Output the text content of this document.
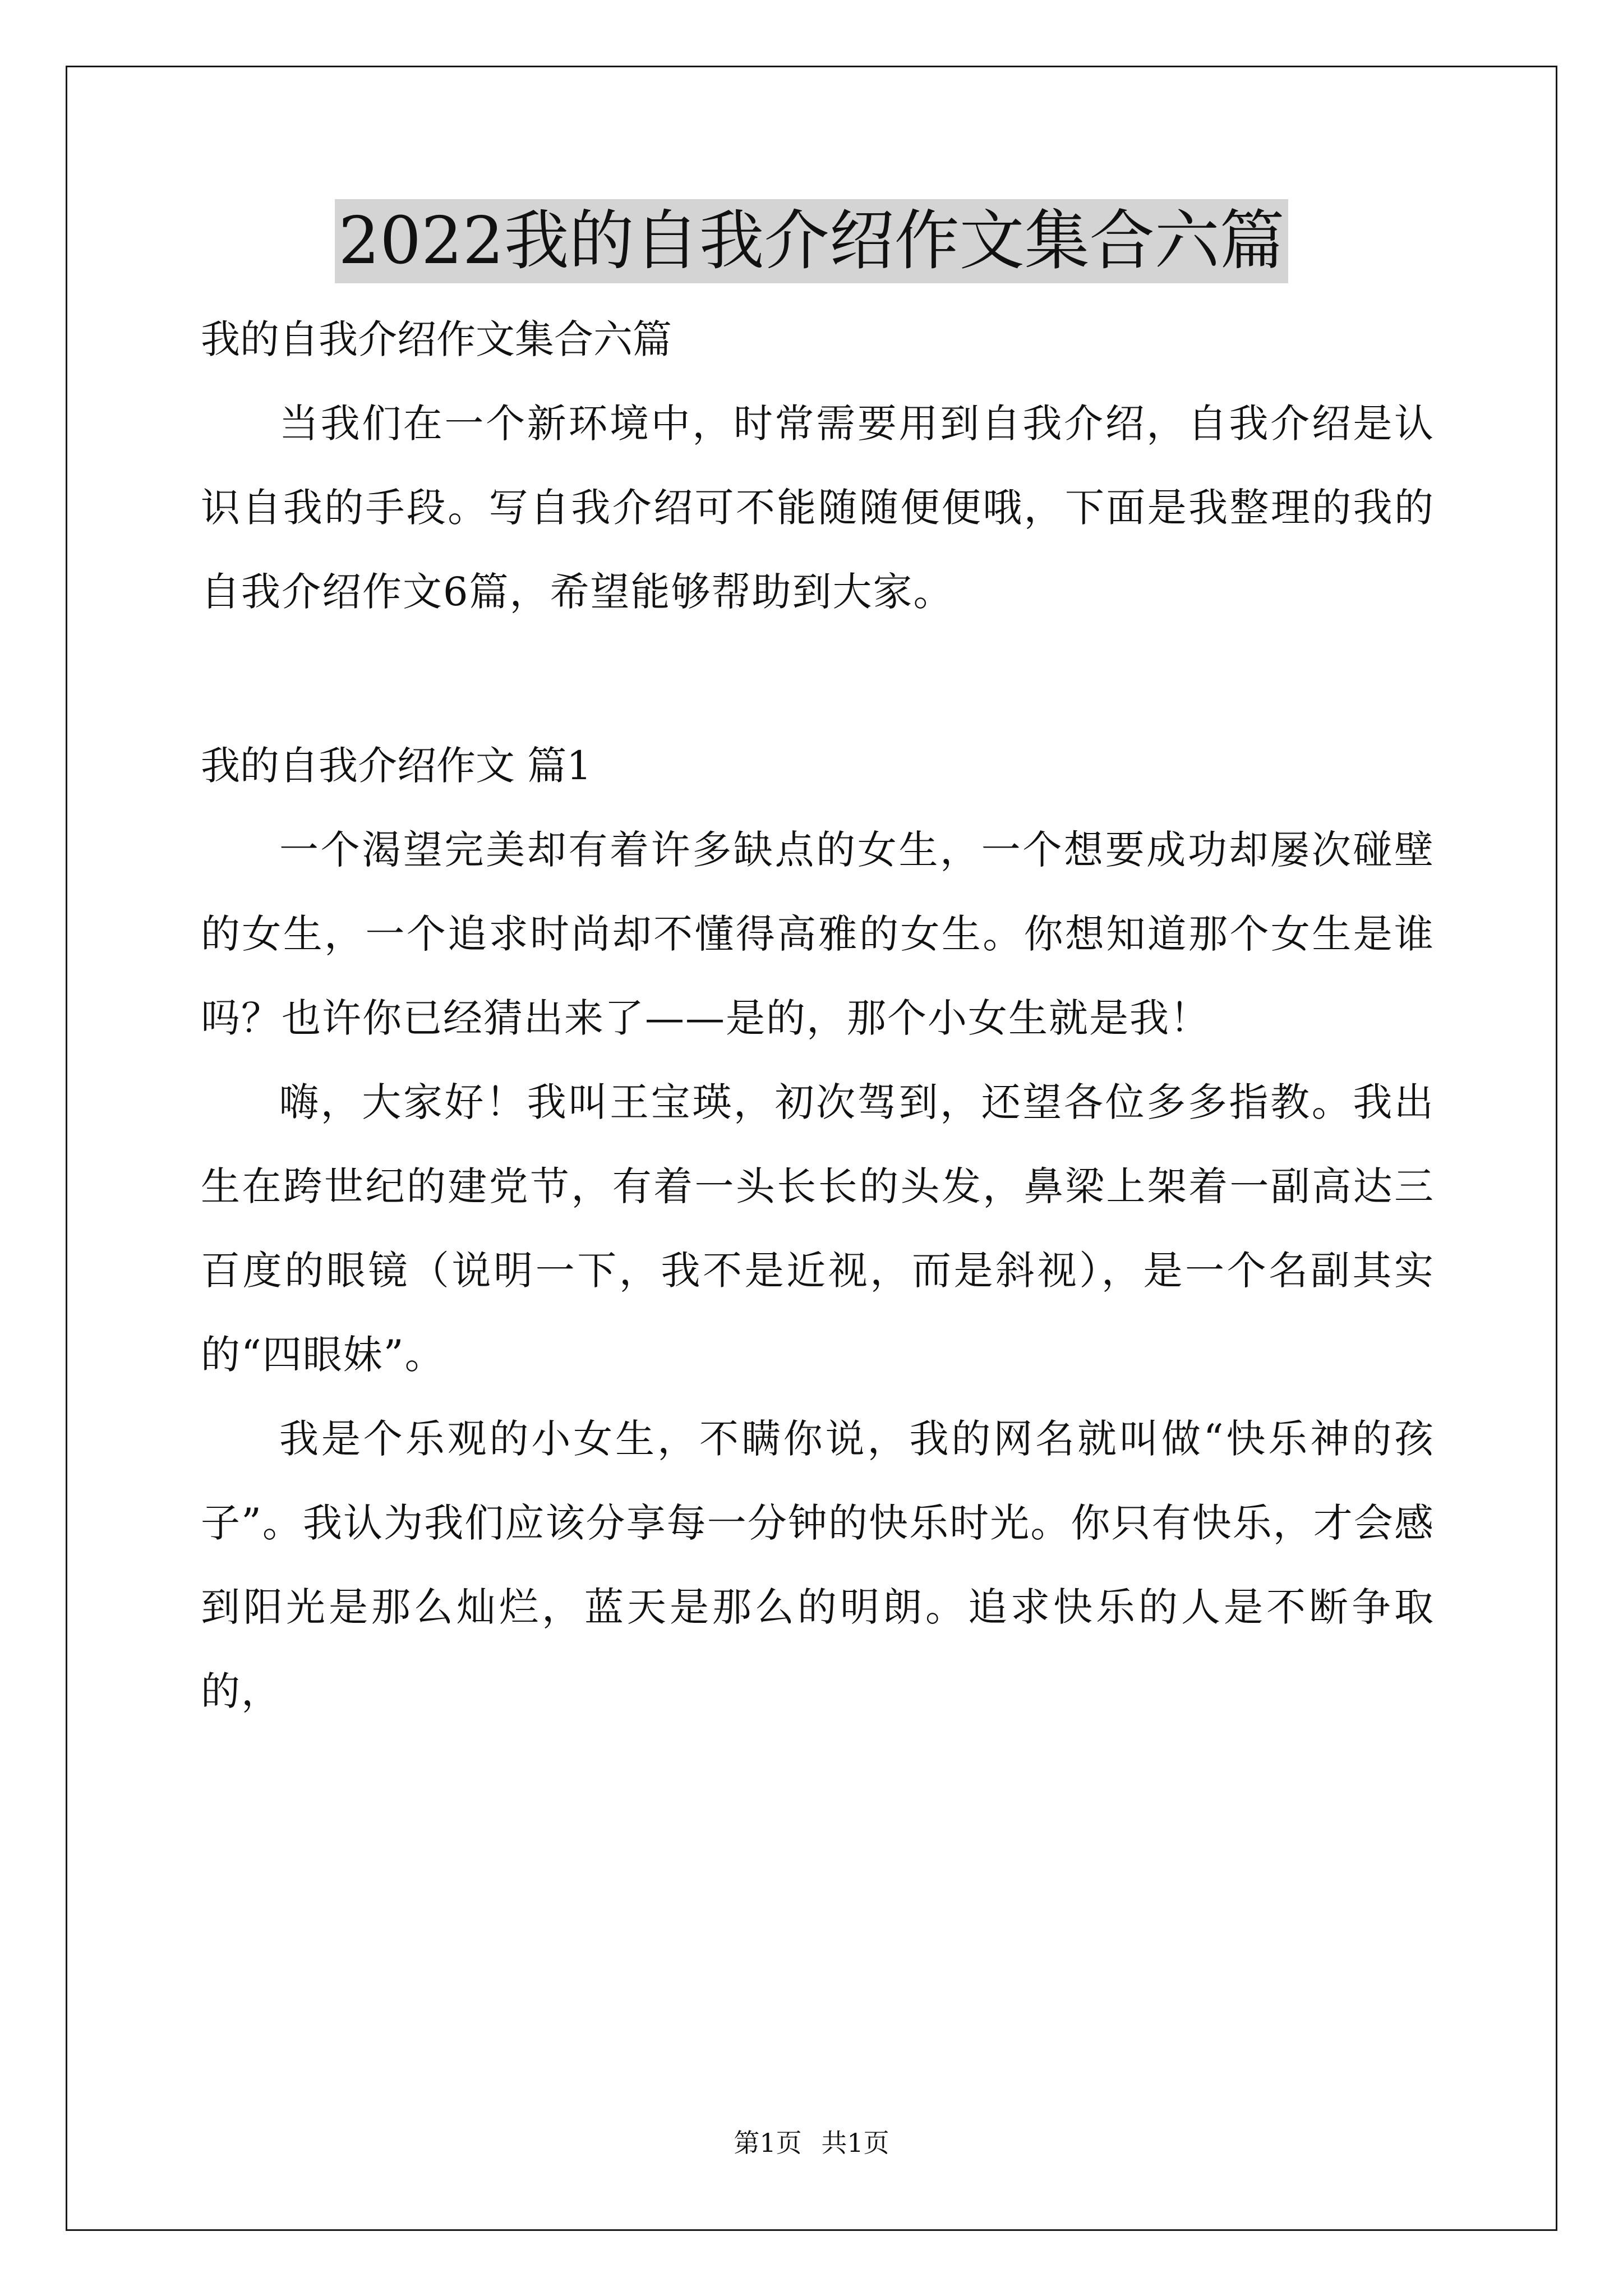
2022我的自我介绍作文集合六篇

我的自我介绍作文集合六篇

当我们在一个新环境中，时常需要用到自我介绍，自我介绍是认识自我的手段。写自我介绍可不能随随便便哦，下面是我整理的我的自我介绍作文6篇，希望能够帮助到大家。

我的自我介绍作文 篇1

一个渴望完美却有着许多缺点的女生，一个想要成功却屡次碰壁的女生，一个追求时尚却不懂得高雅的女生。你想知道那个女生是谁吗？也许你已经猜出来了——是的，那个小女生就是我！

嗨，大家好！我叫王宝瑛，初次驾到，还望各位多多指教。我出生在跨世纪的建党节，有着一头长长的头发，鼻梁上架着一副高达三百度的眼镜（说明一下，我不是近视，而是斜视），是一个名副其实的“四眼妹”。

我是个乐观的小女生，不瞒你说，我的网名就叫做“快乐神的孩子”。我认为我们应该分享每一分钟的快乐时光。你只有快乐，才会感到阳光是那么灿烂，蓝天是那么的明朗。追求快乐的人是不断争取的，

第1页 共1页
